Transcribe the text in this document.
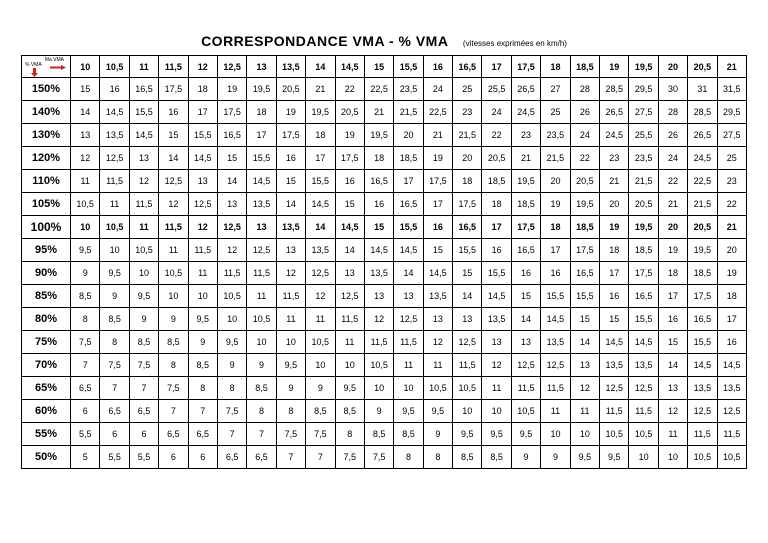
CORRESPONDANCE VMA - % VMA (vitesses exprimées en km/h)
% VMA
Ma VMA	10	10,5	11	11,5	12	12,5	13	13,5	14	14,5	15	15,5	16	16,5	17	17,5	18	18,5	19	19,5	20	20,5	21
150%	15	16	16,5	17,5	18	19	19,5	20,5	21	22	22,5	23,5	24	25	25,5	26,5	27	28	28,5	29,5	30	31	31,5
140%	14	14,5	15,5	16	17	17,5	18	19	19,5	20,5	21	21,5	22,5	23	24	24,5	25	26	26,5	27,5	28	28,5	29,5
130%	13	13,5	14,5	15	15,5	16,5	17	17,5	18	19	19,5	20	21	21,5	22	23	23,5	24	24,5	25,5	26	26,5	27,5
120%	12	12,5	13	14	14,5	15	15,5	16	17	17,5	18	18,5	19	20	20,5	21	21,5	22	23	23,5	24	24,5	25
110%	11	11,5	12	12,5	13	14	14,5	15	15,5	16	16,5	17	17,5	18	18,5	19,5	20	20,5	21	21,5	22	22,5	23
105%	10,5	11	11,5	12	12,5	13	13,5	14	14,5	15	16	16,5	17	17,5	18	18,5	19	19,5	20	20,5	21	21,5	22
100%	10	10,5	11	11,5	12	12,5	13	13,5	14	14,5	15	15,5	16	16,5	17	17,5	18	18,5	19	19,5	20	20,5	21
95%	9,5	10	10,5	11	11,5	12	12,5	13	13,5	14	14,5	14,5	15	15,5	16	16,5	17	17,5	18	18,5	19	19,5	20
90%	9	9,5	10	10,5	11	11,5	11,5	12	12,5	13	13,5	14	14,5	15	15,5	16	16	16,5	17	17,5	18	18,5	19
85%	8,5	9	9,5	10	10	10,5	11	11,5	12	12,5	13	13	13,5	14	14,5	15	15,5	15,5	16	16,5	17	17,5	18
80%	8	8,5	9	9	9,5	10	10,5	11	11	11,5	12	12,5	13	13	13,5	14	14,5	15	15	15,5	16	16,5	17
75%	7,5	8	8,5	8,5	9	9,5	10	10	10,5	11	11,5	11,5	12	12,5	13	13	13,5	14	14,5	14,5	15	15,5	16
70%	7	7,5	7,5	8	8,5	9	9	9,5	10	10	10,5	11	11	11,5	12	12,5	12,5	13	13,5	13,5	14	14,5	14,5
65%	6,5	7	7	7,5	8	8	8,5	9	9	9,5	10	10	10,5	10,5	11	11,5	11,5	12	12,5	12,5	13	13,5	13,5
60%	6	6,5	6,5	7	7	7,5	8	8	8,5	8,5	9	9,5	9,5	10	10	10,5	11	11	11,5	11,5	12	12,5	12,5
55%	5,5	6	6	6,5	6,5	7	7	7,5	7,5	8	8,5	8,5	9	9,5	9,5	9,5	10	10	10,5	10,5	11	11,5	11,5
50%	5	5,5	5,5	6	6	6,5	6,5	7	7	7,5	7,5	8	8	8,5	8,5	9	9	9,5	9,5	10	10	10,5	10,5
